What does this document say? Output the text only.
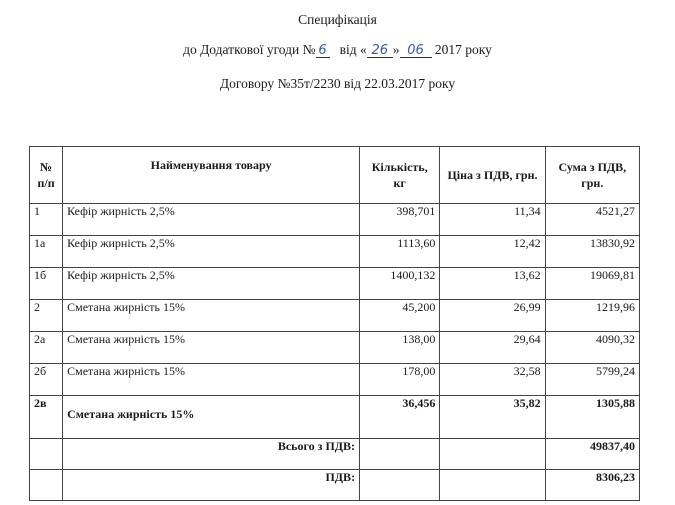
Специфікація
до Додаткової угоди № 6 від « 26 » 06 2017 року
Договору №35т/2230 від 22.03.2017 року
№ п/п	Найменування товару	Кількість, кг	Ціна з ПДВ, грн.	Сума з ПДВ, грн.
1	Кефір жирність 2,5%	398,701	11,34	4521,27
1а	Кефір жирність 2,5%	1113,60	12,42	13830,92
1б	Кефір жирність 2,5%	1400,132	13,62	19069,81
2	Сметана жирність 15%	45,200	26,99	1219,96
2а	Сметана жирність 15%	138,00	29,64	4090,32
2б	Сметана жирність 15%	178,00	32,58	5799,24
2в	Сметана жирність 15%	36,456	35,82	1305,88
	Всього з ПДВ:			49837,40
	ПДВ:			8306,23
